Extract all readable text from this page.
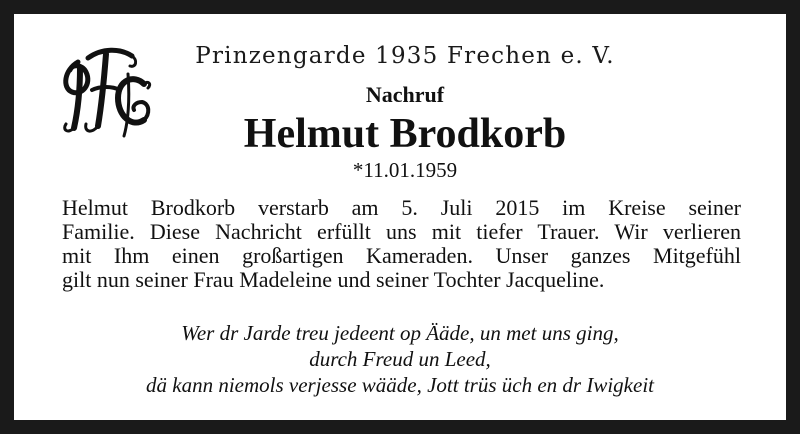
Prinzengarde 1935 Frechen e. V.
Nachruf
Helmut Brodkorb
*11.01.1959
Helmut Brodkorb verstarb am 5. Juli 2015 im Kreise seiner
Familie. Diese Nachricht erfüllt uns mit tiefer Trauer. Wir verlieren
mit Ihm einen großartigen Kameraden. Unser ganzes Mitgefühl
gilt nun seiner Frau Madeleine und seiner Tochter Jacqueline.
Wer dr Jarde treu jedeent op Ääde, un met uns ging,
durch Freud un Leed,
dä kann niemols verjesse wääde, Jott trüs üch en dr Iwigkeit
